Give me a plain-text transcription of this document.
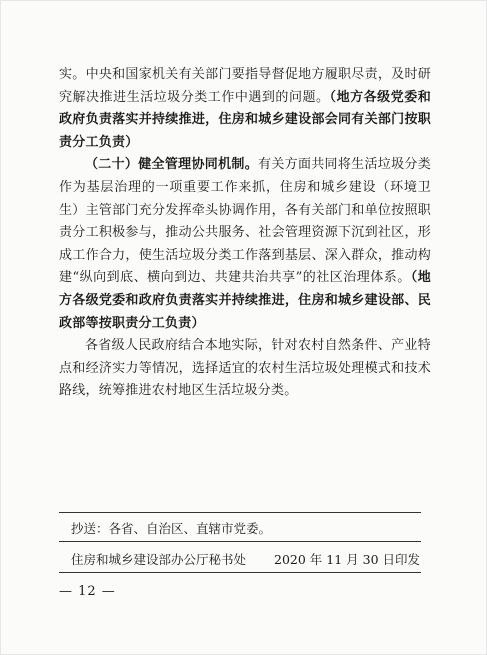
实。中央和国家机关有关部门要指导督促地方履职尽责，及时研究解决推进生活垃圾分类工作中遇到的问题。（地方各级党委和政府负责落实并持续推进，住房和城乡建设部会同有关部门按职责分工负责）

（二十）健全管理协同机制。有关方面共同将生活垃圾分类作为基层治理的一项重要工作来抓，住房和城乡建设（环境卫生）主管部门充分发挥牵头协调作用，各有关部门和单位按照职责分工积极参与，推动公共服务、社会管理资源下沉到社区，形成工作合力，使生活垃圾分类工作落到基层、深入群众，推动构建“纵向到底、横向到边、共建共治共享”的社区治理体系。（地方各级党委和政府负责落实并持续推进，住房和城乡建设部、民政部等按职责分工负责）

各省级人民政府结合本地实际，针对农村自然条件、产业特点和经济实力等情况，选择适宜的农村生活垃圾处理模式和技术路线，统筹推进农村地区生活垃圾分类。

抄送：各省、自治区、直辖市党委。
住房和城乡建设部办公厅秘书处 2020 年 11 月 30 日印发
— 12 —
